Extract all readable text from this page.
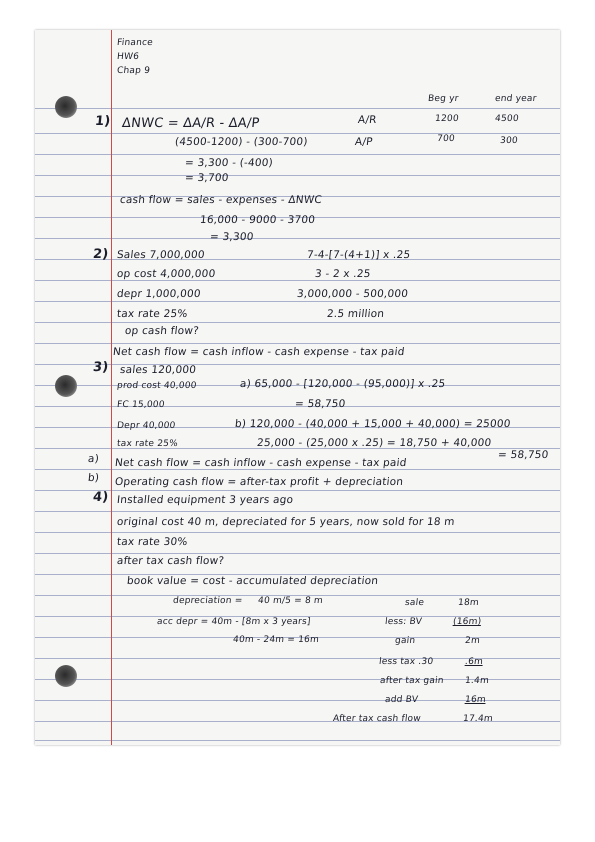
Finance
HW6
Chap 9
Beg yr	end year
1) ΔNWC = ΔA/R - ΔA/P	A/R	1200	4500
(4500-1200) - (300-700)	A/P	700	300
= 3,300 - (-400)
= 3,700
cash flow = sales - expenses - ΔNWC
16,000 - 9000 - 3700
= 3,300
2) Sales 7,000,000	7-4-[7-(4+1)] x .25
op cost 4,000,000	3 - 2 x .25
depr 1,000,000	3,000,000 - 500,000
tax rate 25%	2.5 million
op cash flow?
Net cash flow = cash inflow - cash expense - tax paid
3) sales 120,000
prod cost 40,000	a) 65,000 - [120,000 - (95,000)] x .25
FC 15,000	= 58,750
Depr 40,000	b) 120,000 - (40,000 + 15,000 + 40,000) = 25000
tax rate 25%	25,000 - (25,000 x .25) = 18,750 + 40,000
= 58,750
a) Net cash flow = cash inflow - cash expense - tax paid
b) Operating cash flow = after-tax profit + depreciation
4) Installed equipment 3 years ago
original cost 40 m, depreciated for 5 years, now sold for 18 m
tax rate 30%
after tax cash flow?
book value = cost - accumulated depreciation
depreciation = 40 m/5 = 8 m
acc depr = 40m - [8m x 3 years]
40m - 24m = 16m
sale	18m
less: BV	(16m)
gain	2m
less tax .30	.6m
after tax gain 1.4m
add BV	16m
After tax cash flow	17.4m
